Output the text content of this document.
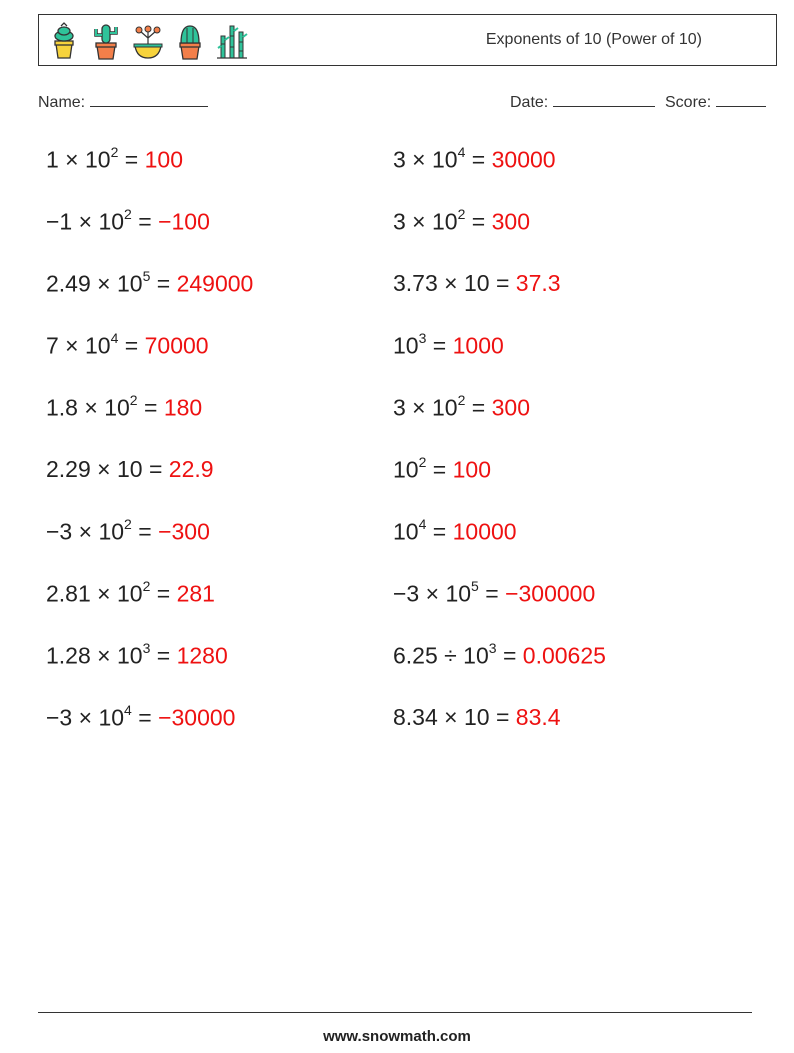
Exponents of 10 (Power of 10)
Name:	Date:	Score:
$1 \times 10^2 = 100$
$-1 \times 10^2 = -100$
$2.49 \times 10^5 = 249000$
$7 \times 10^4 = 70000$
$1.8 \times 10^2 = 180$
2.29 × 10 = 22.9
$-3 \times 10^2 = -300$
$2.81 \times 10^2 = 281$
$1.28 \times 10^3 = 1280$
$-3 \times 10^4 = -30000$
$3 \times 10^4 = 30000$
$3 \times 10^2 = 300$
3.73 × 10 = 37.3
$10^3 = 1000$
$3 \times 10^2 = 300$
$10^2 = 100$
$10^4 = 10000$
$-3 \times 10^5 = -300000$
$6.25 \div 10^3 = 0.00625$
8.34 × 10 = 83.4
www.snowmath.com
